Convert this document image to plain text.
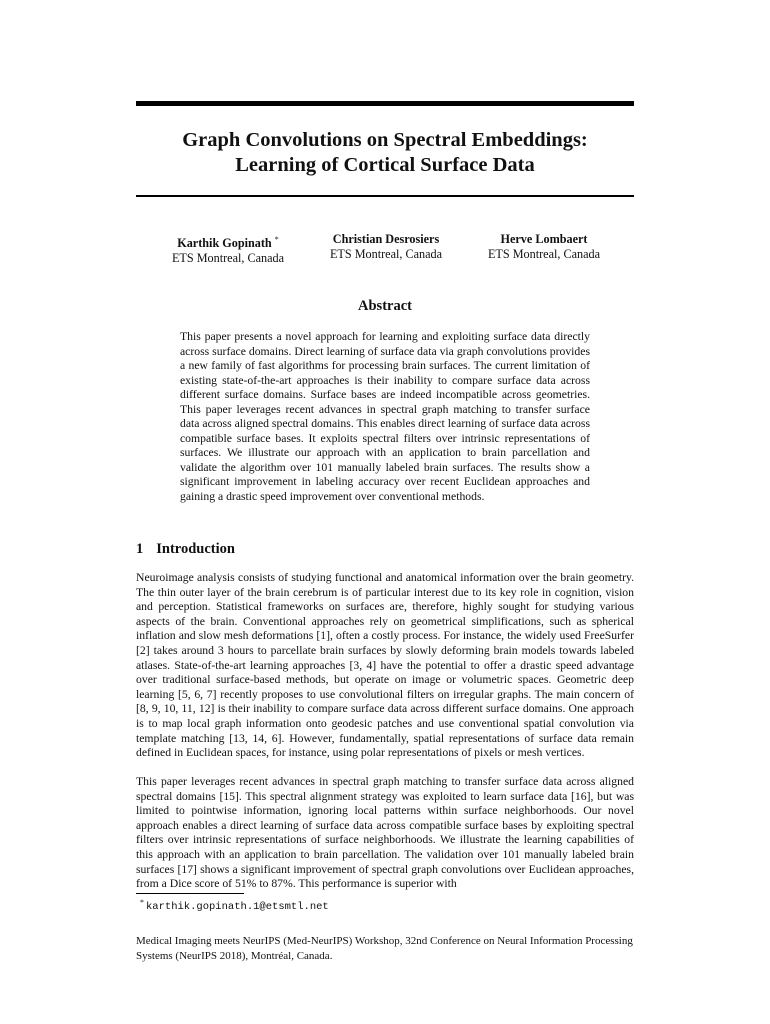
Graph Convolutions on Spectral Embeddings:
Learning of Cortical Surface Data
Karthik Gopinath *
ETS Montreal, Canada
Christian Desrosiers
ETS Montreal, Canada
Herve Lombaert
ETS Montreal, Canada
Abstract

This paper presents a novel approach for learning and exploiting surface data directly across surface domains. Direct learning of surface data via graph convolutions provides a new family of fast algorithms for processing brain surfaces. The current limitation of existing state-of-the-art approaches is their inability to compare surface data across different surface domains. Surface bases are indeed incompatible across geometries. This paper leverages recent advances in spectral graph matching to transfer surface data across aligned spectral domains. This enables direct learning of surface data across compatible surface bases. It exploits spectral filters over intrinsic representations of surfaces. We illustrate our approach with an application to brain parcellation and validate the algorithm over 101 manually labeled brain surfaces. The results show a significant improvement in labeling accuracy over recent Euclidean approaches and gaining a drastic speed improvement over conventional methods.

1 Introduction

Neuroimage analysis consists of studying functional and anatomical information over the brain geometry. The thin outer layer of the brain cerebrum is of particular interest due to its key role in cognition, vision and perception. Statistical frameworks on surfaces are, therefore, highly sought for studying various aspects of the brain. Conventional approaches rely on geometrical simplifications, such as spherical inflation and slow mesh deformations [1], often a costly process. For instance, the widely used FreeSurfer [2] takes around 3 hours to parcellate brain surfaces by slowly deforming brain models towards labeled atlases. State-of-the-art learning approaches [3, 4] have the potential to offer a drastic speed advantage over traditional surface-based methods, but operate on image or volumetric spaces. Geometric deep learning [5, 6, 7] recently proposes to use convolutional filters on irregular graphs. The main concern of [8, 9, 10, 11, 12] is their inability to compare surface data across different surface domains. One approach is to map local graph information onto geodesic patches and use conventional spatial convolution via template matching [13, 14, 6]. However, fundamentally, spatial representations of surface data remain defined in Euclidean spaces, for instance, using polar representations of pixels or mesh vertices.

This paper leverages recent advances in spectral graph matching to transfer surface data across aligned spectral domains [15]. This spectral alignment strategy was exploited to learn surface data [16], but was limited to pointwise information, ignoring local patterns within surface neighborhoods. Our novel approach enables a direct learning of surface data across compatible surface bases by exploiting spectral filters over intrinsic representations of surface neighborhoods. We illustrate the learning capabilities of this approach with an application to brain parcellation. The validation over 101 manually labeled brain surfaces [17] shows a significant improvement of spectral graph convolutions over Euclidean approaches, from a Dice score of 51% to 87%. This performance is superior with

* karthik.gopinath.1@etsmtl.net

Medical Imaging meets NeurIPS (Med-NeurIPS) Workshop, 32nd Conference on Neural Information Processing
Systems (NeurIPS 2018), Montréal, Canada.
